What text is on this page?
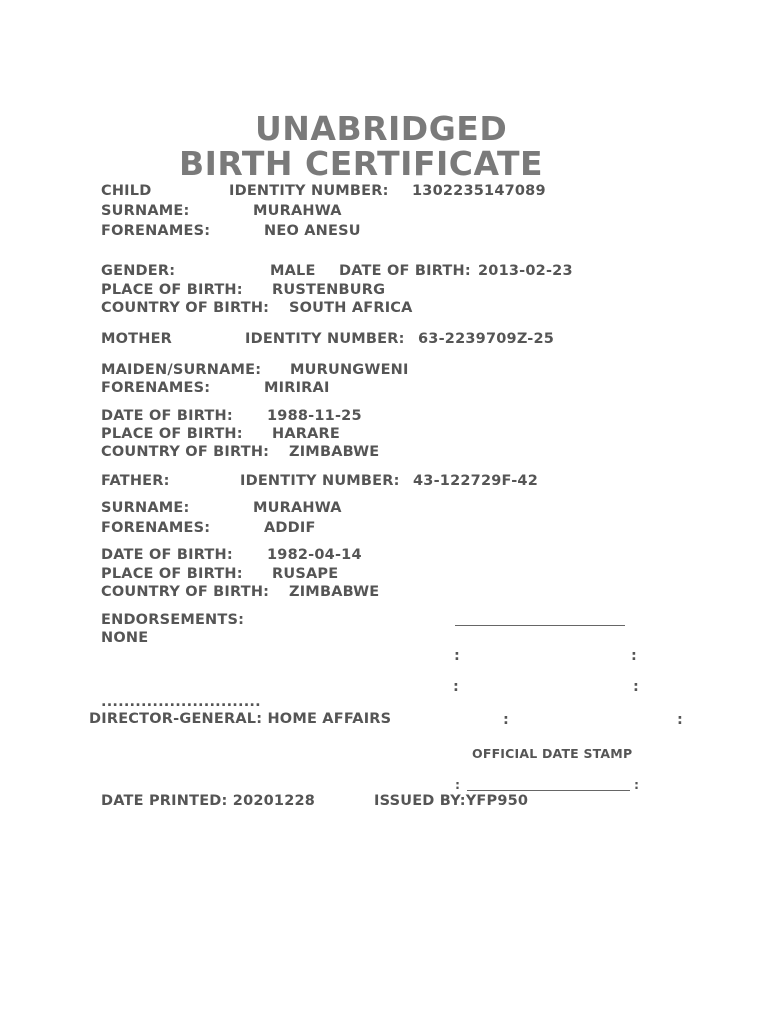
UNABRIDGED
BIRTH CERTIFICATE
CHILD	IDENTITY NUMBER: 1302235147089
SURNAME:	MURAHWA
FORENAMES:	NEO ANESU
GENDER:	MALE DATE OF BIRTH: 2013-02-23
PLACE OF BIRTH: RUSTENBURG
COUNTRY OF BIRTH: SOUTH AFRICA
MOTHER	IDENTITY NUMBER: 63-2239709Z-25
MAIDEN/SURNAME: MURUNGWENI
FORENAMES:	MIRIRAI
DATE OF BIRTH: 1988-11-25
PLACE OF BIRTH: HARARE
COUNTRY OF BIRTH: ZIMBABWE
FATHER:	IDENTITY NUMBER: 43-122729F-42
SURNAME:	MURAHWA
FORENAMES:	ADDIF
DATE OF BIRTH: 1982-04-14
PLACE OF BIRTH: RUSAPE
COUNTRY OF BIRTH: ZIMBABWE
ENDORSEMENTS:
NONE
:	:
:	:
............................
DIRECTOR-GENERAL: HOME AFFAIRS	:	:
OFFICIAL DATE STAMP
:	:
DATE PRINTED: 20201228	ISSUED BY:YFP950
